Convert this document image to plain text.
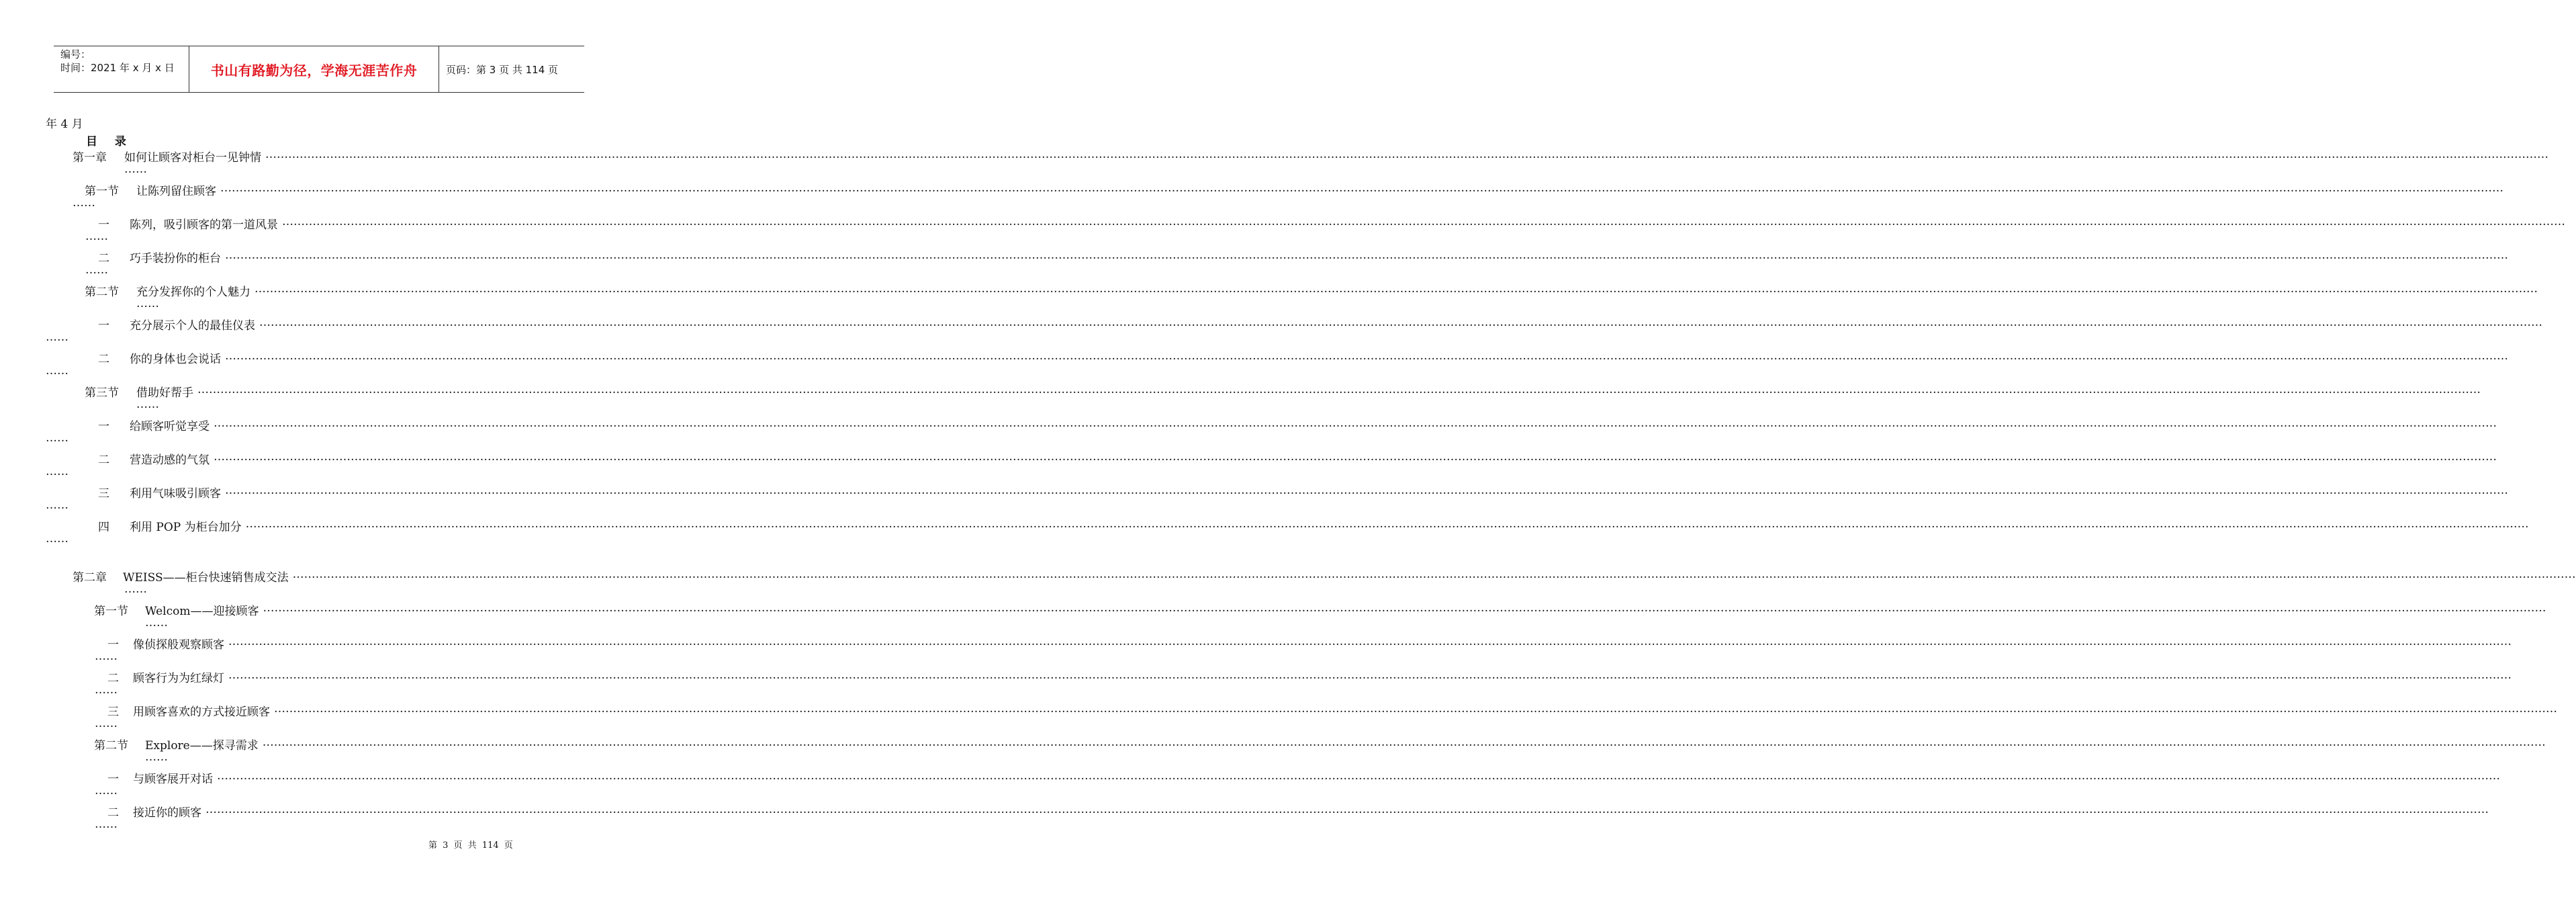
编号：
时间：2021 年 x 月 x 日	书山有路勤为径，学海无涯苦作舟	页码：第 3 页 共 114 页
年 4 月
目 录
第一章 如何让顾客对柜台一见钟情 ……………………………………………………………………………………………………………………………………………………………………………………………………………………………………………………………………………………………………………………………………………………………………………………………………………………………………………………………………………………………………………………………………………………
……
第一节 让陈列留住顾客 ……………………………………………………………………………………………………………………………………………………………………………………………………………………………………………………………………………………………………………………………………………………………………………………………………………………………………………………………………………………………………………………………………………………
……
一 陈列，吸引顾客的第一道风景 ……………………………………………………………………………………………………………………………………………………………………………………………………………………………………………………………………………………………………………………………………………………………………………………………………………………………………………………………………………………………………………………………………………………
……
二 巧手装扮你的柜台 ……………………………………………………………………………………………………………………………………………………………………………………………………………………………………………………………………………………………………………………………………………………………………………………………………………………………………………………………………………………………………………………………………………………
……
第二节 充分发挥你的个人魅力 ……………………………………………………………………………………………………………………………………………………………………………………………………………………………………………………………………………………………………………………………………………………………………………………………………………………………………………………………………………………………………………………………………………………
……
一 充分展示个人的最佳仪表 ……………………………………………………………………………………………………………………………………………………………………………………………………………………………………………………………………………………………………………………………………………………………………………………………………………………………………………………………………………………………………………………………………………………
……
二 你的身体也会说话 ……………………………………………………………………………………………………………………………………………………………………………………………………………………………………………………………………………………………………………………………………………………………………………………………………………………………………………………………………………………………………………………………………………………
……
第三节 借助好帮手 ……………………………………………………………………………………………………………………………………………………………………………………………………………………………………………………………………………………………………………………………………………………………………………………………………………………………………………………………………………………………………………………………………………………
……
一 给顾客听觉享受 ……………………………………………………………………………………………………………………………………………………………………………………………………………………………………………………………………………………………………………………………………………………………………………………………………………………………………………………………………………………………………………………………………………………
……
二 营造动感的气氛 ……………………………………………………………………………………………………………………………………………………………………………………………………………………………………………………………………………………………………………………………………………………………………………………………………………………………………………………………………………………………………………………………………………………
……
三 利用气味吸引顾客 ……………………………………………………………………………………………………………………………………………………………………………………………………………………………………………………………………………………………………………………………………………………………………………………………………………………………………………………………………………………………………………………………………………………
……
四 利用 POP 为柜台加分 ……………………………………………………………………………………………………………………………………………………………………………………………………………………………………………………………………………………………………………………………………………………………………………………………………………………………………………………………………………………………………………………………………………………
……
第二章 WEISS——柜台快速销售成交法 ……………………………………………………………………………………………………………………………………………………………………………………………………………………………………………………………………………………………………………………………………………………………………………………………………………………………………………………………………………………………………………………………………………………
……
第一节 Welcom——迎接顾客 ……………………………………………………………………………………………………………………………………………………………………………………………………………………………………………………………………………………………………………………………………………………………………………………………………………………………………………………………………………………………………………………………………………………
……
一 像侦探般观察顾客 ……………………………………………………………………………………………………………………………………………………………………………………………………………………………………………………………………………………………………………………………………………………………………………………………………………………………………………………………………………………………………………………………………………………
……
二 顾客行为为红绿灯 ……………………………………………………………………………………………………………………………………………………………………………………………………………………………………………………………………………………………………………………………………………………………………………………………………………………………………………………………………………………………………………………………………………………
……
三 用顾客喜欢的方式接近顾客 ……………………………………………………………………………………………………………………………………………………………………………………………………………………………………………………………………………………………………………………………………………………………………………………………………………………………………………………………………………………………………………………………………………………
……
第二节 Explore——探寻需求 ……………………………………………………………………………………………………………………………………………………………………………………………………………………………………………………………………………………………………………………………………………………………………………………………………………………………………………………………………………………………………………………………………………………
……
一 与顾客展开对话 ……………………………………………………………………………………………………………………………………………………………………………………………………………………………………………………………………………………………………………………………………………………………………………………………………………………………………………………………………………………………………………………………………………………
……
二 接近你的顾客 ……………………………………………………………………………………………………………………………………………………………………………………………………………………………………………………………………………………………………………………………………………………………………………………………………………………………………………………………………………………………………………………………………………………
……
第 3 页 共 114 页
